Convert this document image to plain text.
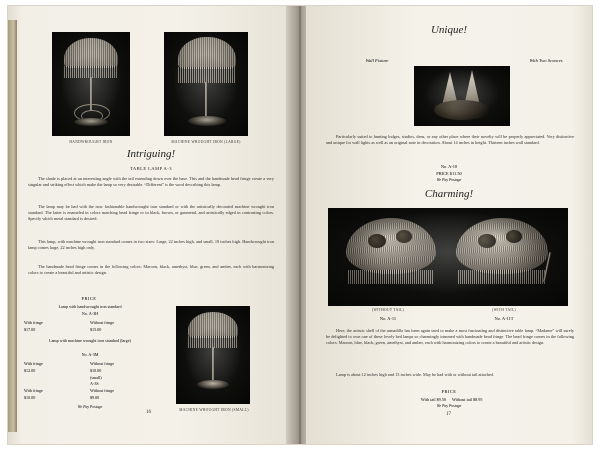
HANDWROUGHT IRON	MACHINE WROUGHT IRON (LARGE)
Intriguing!
TABLE LAMP A-3
The shade is placed at an interesting angle with the tail extending down over the base. This and the handmade bead fringe create a very singular and striking effect which make the lamp so very desirable. “Different” is the word describing this lamp.
The lamp may be had with the now fashionable handwrought iron standard or with the artistically decorated machine wrought iron standard. The latter is enameled in colors matching bead fringe or in black, brown, or gunmetal, and artistically edged in contrasting colors. Specify which metal standard is desired.
This lamp, with machine wrought iron standard comes in two sizes: Large, 22 inches high, and small, 19 inches high. Handwrought iron lamp comes large, 22 inches high only.
The handmade bead fringe comes in the following colors: Maroon, black, amethyst, blue, green, and amber, each with harmonizing colors to create a beautiful and artistic design.
PRICE
Lamp with handwrought iron standard
No. A-3H
With fringe	Without fringe
$17.00	$15.00
Lamp with machine wrought iron standard (large)
No. A-3M
With fringe	Without fringe
$12.00	$10.00
(small)
A-3S
With fringe	Without fringe
$10.00	$9.00
We Pay Postage
MACHINE WROUGHT IRON (SMALL)
16
Unique!
Wall Fixture	With Two Sconces
Particularly suited to hunting lodges, studios, dens, or any other place where their novelty will be properly appreciated. Very distinctive and unique for wall lights as well as an original note in decoration. About 14 inches in height. Thirteen inches wall standard.
No. A-10
PRICE $11.50
We Pay Postage
Charming!
(WITHOUT TAIL)	(WITH TAIL)
No. A-11	No. A-11T
Here, the artistic shell of the armadillo has been again used to make a most fascinating and distinctive table lamp. “Madame” will surely be delighted to own one of these lovely bed lamps so charmingly trimmed with handmade bead fringe. The bead fringe comes in the following colors: Maroon, blue, black, green, amethyst, and amber, each with harmonizing colors to create a beautiful and artistic design.
Lamp is about 12 inches high and 13 inches wide. May be had with or without tail attached.
PRICE
With tail $9.50 Without tail $8.95
We Pay Postage
17
